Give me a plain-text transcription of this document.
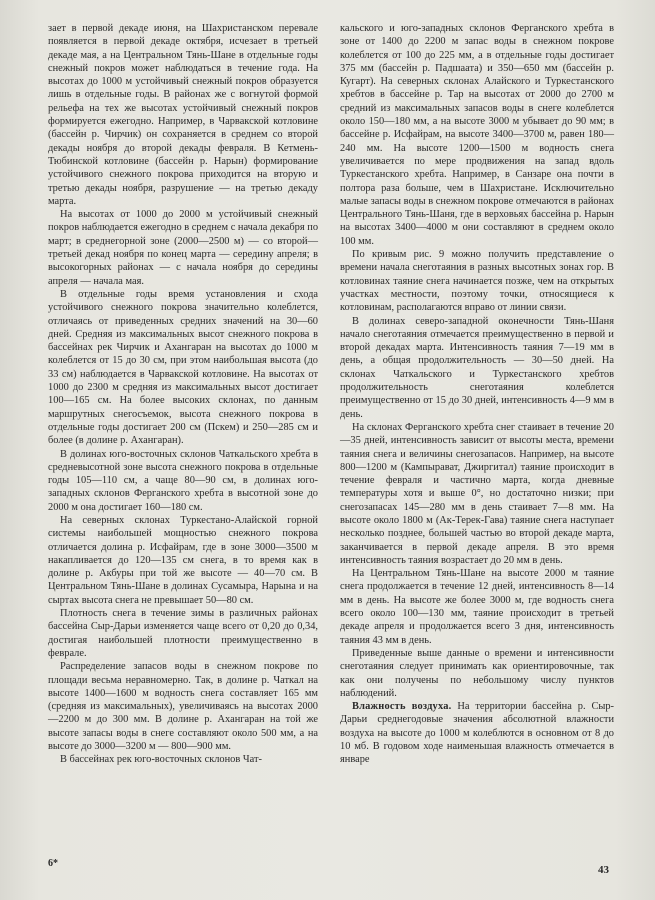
зает в первой декаде июня, на Шахристанском перевале появляется в первой декаде октября, исчезает в третьей декаде мая, а на Центральном Тянь-Шане в отдельные годы снежный покров может наблюдаться в течение года. На высотах до 1000 м устойчивый снежный покров образуется лишь в отдельные годы. В районах же с вогнутой формой рельефа на тех же высотах устойчивый снежный покров формируется ежегодно. Например, в Чарвакской котловине (бассейн р. Чирчик) он сохраняется в среднем со второй декады ноября до второй декады февраля. В Кетмень-Тюбинской котловине (бассейн р. Нарын) формирование устойчивого снежного покрова приходится на вторую и третью декады ноября, разрушение — на третью декаду марта.

На высотах от 1000 до 2000 м устойчивый снежный покров наблюдается ежегодно в среднем с начала декабря по март; в среднегорной зоне (2000—2500 м) — со второй—третьей декад ноября по конец марта — середину апреля; в высокогорных районах — с начала ноября до середины апреля — начала мая.

В отдельные годы время установления и схода устойчивого снежного покрова значительно колеблется, отличаясь от приведенных средних значений на 30—60 дней. Средняя из максимальных высот снежного покрова в бассейнах рек Чирчик и Ахангаран на высотах до 1000 м колеблется от 15 до 30 см, при этом наибольшая высота (до 33 см) наблюдается в Чарвакской котловине. На высотах от 1000 до 2300 м средняя из максимальных высот достигает 100—165 см. На более высоких склонах, по данным маршрутных снегосъемок, высота снежного покрова в отдельные годы достигает 200 см (Пскем) и 250—285 см и более (в долине р. Ахангаран).

В долинах юго-восточных склонов Чаткальского хребта в средневысотной зоне высота снежного покрова в отдельные годы 105—110 см, а чаще 80—90 см, в долинах юго-западных склонов Ферганского хребта в высотной зоне до 2000 м она достигает 160—180 см.

На северных склонах Туркестано-Алайской горной системы наибольшей мощностью снежного покрова отличается долина р. Исфайрам, где в зоне 3000—3500 м накапливается до 120—135 см снега, в то время как в долине р. Акбуры при той же высоте — 40—70 см. В Центральном Тянь-Шане в долинах Сусамыра, Нарына и на сыртах высота снега не превышает 50—80 см.

Плотность снега в течение зимы в различных районах бассейна Сыр-Дарьи изменяется чаще всего от 0,20 до 0,34, достигая наибольшей плотности преимущественно в феврале.

Распределение запасов воды в снежном покрове по площади весьма неравномерно. Так, в долине р. Чаткал на высоте 1400—1600 м водность снега составляет 165 мм (средняя из максимальных), увеличиваясь на высотах 2000—2200 м до 300 мм. В долине р. Ахангаран на той же высоте запасы воды в снеге составляют около 500 мм, а на высоте до 3000—3200 м — 800—900 мм.

В бассейнах рек юго-восточных склонов Чат-

кальского и юго-западных склонов Ферганского хребта в зоне от 1400 до 2200 м запас воды в снежном покрове колеблется от 100 до 225 мм, а в отдельные годы достигает 375 мм (бассейн р. Падшаата) и 350—650 мм (бассейн р. Кугарт). На северных склонах Алайского и Туркестанского хребтов в бассейне р. Тар на высотах от 2000 до 2700 м средний из максимальных запасов воды в снеге колеблется около 150—180 мм, а на высоте 3000 м убывает до 90 мм; в бассейне р. Исфайрам, на высоте 3400—3700 м, равен 180—240 мм. На высоте 1200—1500 м водность снега увеличивается по мере продвижения на запад вдоль Туркестанского хребта. Например, в Санзаре она почти в полтора раза больше, чем в Шахристане. Исключительно малые запасы воды в снежном покрове отмечаются в районах Центрального Тянь-Шаня, где в верховьях бассейна р. Нарын на высотах 3400—4000 м они составляют в среднем около 100 мм.

По кривым рис. 9 можно получить представление о времени начала снеготаяния в разных высотных зонах гор. В котловинах таяние снега начинается позже, чем на открытых участках местности, поэтому точки, относящиеся к котловинам, располагаются вправо от линии связи.

В долинах северо-западной оконечности Тянь-Шаня начало снеготаяния отмечается преимущественно в первой и второй декадах марта. Интенсивность таяния 7—19 мм в день, а общая продолжительность — 30—50 дней. На склонах Чаткальского и Туркестанского хребтов продолжительность снеготаяния колеблется преимущественно от 15 до 30 дней, интенсивность 4—9 мм в день.

На склонах Ферганского хребта снег стаивает в течение 20—35 дней, интенсивность зависит от высоты места, времени таяния снега и величины снегозапасов. Например, на высоте 800—1200 м (Кампырават, Джиргитал) таяние происходит в течение февраля и частично марта, когда дневные температуры хотя и выше 0°, но достаточно низки; при снегозапасах 145—280 мм в день стаивает 7—8 мм. На высоте около 1800 м (Ак-Терек-Гава) таяние снега наступает несколько позднее, большей частью во второй декаде марта, заканчивается в первой декаде апреля. В это время интенсивность таяния возрастает до 20 мм в день.

На Центральном Тянь-Шане на высоте 2000 м таяние снега продолжается в течение 12 дней, интенсивность 8—14 мм в день. На высоте же более 3000 м, где водность снега всего около 100—130 мм, таяние происходит в третьей декаде апреля и продолжается всего 3 дня, интенсивность таяния 43 мм в день.

Приведенные выше данные о времени и интенсивности снеготаяния следует принимать как ориентировочные, так как они получены по небольшому числу пунктов наблюдений.

Влажность воздуха. На территории бассейна р. Сыр-Дарьи среднегодовые значения абсолютной влажности воздуха на высоте до 1000 м колеблются в основном от 8 до 10 мб. В годовом ходе наименьшая влажность отмечается в январе

6*
43
